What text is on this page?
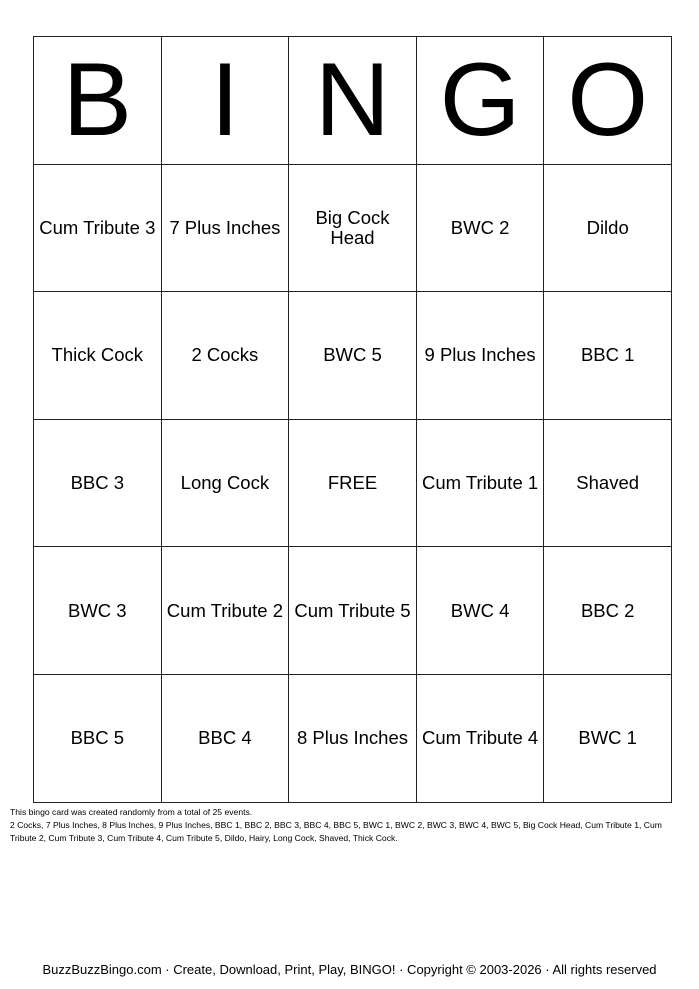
B	I	N	G	O
Cum Tribute 3	7 Plus Inches	Big Cock Head	BWC 2	Dildo
Thick Cock	2 Cocks	BWC 5	9 Plus Inches	BBC 1
BBC 3	Long Cock	FREE	Cum Tribute 1	Shaved
BWC 3	Cum Tribute 2	Cum Tribute 5	BWC 4	BBC 2
BBC 5	BBC 4	8 Plus Inches	Cum Tribute 4	BWC 1
This bingo card was created randomly from a total of 25 events.
2 Cocks, 7 Plus Inches, 8 Plus Inches, 9 Plus Inches, BBC 1, BBC 2, BBC 3, BBC 4, BBC 5, BWC 1, BWC 2, BWC 3, BWC 4, BWC 5, Big Cock Head, Cum Tribute 1, Cum Tribute 2, Cum Tribute 3, Cum Tribute 4, Cum Tribute 5, Dildo, Hairy, Long Cock, Shaved, Thick Cock.
BuzzBuzzBingo.com · Create, Download, Print, Play, BINGO! · Copyright © 2003-2026 · All rights reserved
